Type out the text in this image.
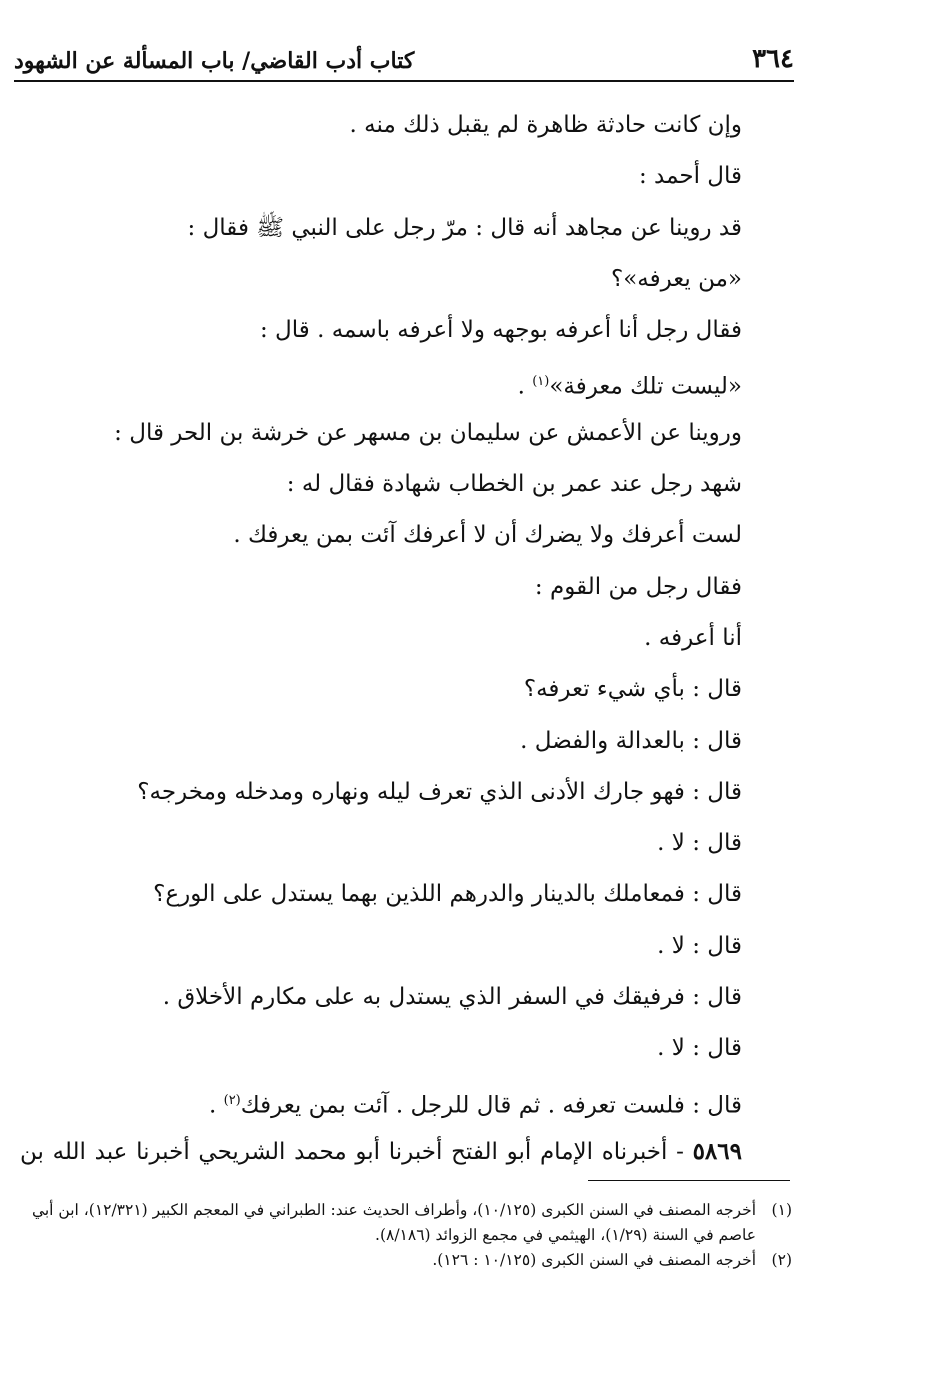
٣٦٤
كتاب أدب القاضي/ باب المسألة عن الشهود
وإن كانت حادثة ظاهرة لم يقبل ذلك منه .
قال أحمد :
قد روينا عن مجاهد أنه قال : مرّ رجل على النبي ﷺ فقال :
«من يعرفه»؟
فقال رجل أنا أعرفه بوجهه ولا أعرفه باسمه . قال :
«ليست تلك معرفة»$^{(١)}$ .
وروينا عن الأعمش عن سليمان بن مسهر عن خرشة بن الحر قال :
شهد رجل عند عمر بن الخطاب شهادة فقال له :
لست أعرفك ولا يضرك أن لا أعرفك آئت بمن يعرفك .
فقال رجل من القوم :
أنا أعرفه .
قال : بأي شيء تعرفه؟
قال : بالعدالة والفضل .
قال : فهو جارك الأدنى الذي تعرف ليله ونهاره ومدخله ومخرجه؟
قال : لا .
قال : فمعاملك بالدينار والدرهم اللذين بهما يستدل على الورع؟
قال : لا .
قال : فرفيقك في السفر الذي يستدل به على مكارم الأخلاق .
قال : لا .
قال : فلست تعرفه . ثم قال للرجل . آئت بمن يعرفك$^{(٢)}$ .
٥٨٦٩ - أخبرناه الإمام أبو الفتح أخبرنا أبو محمد الشريحي أخبرنا عبد الله بن
(١)
أخرجه المصنف في السنن الكبرى (١٠/١٢٥)، وأطراف الحديث عند: الطبراني في المعجم الكبير (١٢/٣٢١)، ابن أبي عاصم في السنة (١/٢٩)، الهيثمي في مجمع الزوائد (٨/١٨٦).
(٢)
أخرجه المصنف في السنن الكبرى (١٠/١٢٥ : ١٢٦).
